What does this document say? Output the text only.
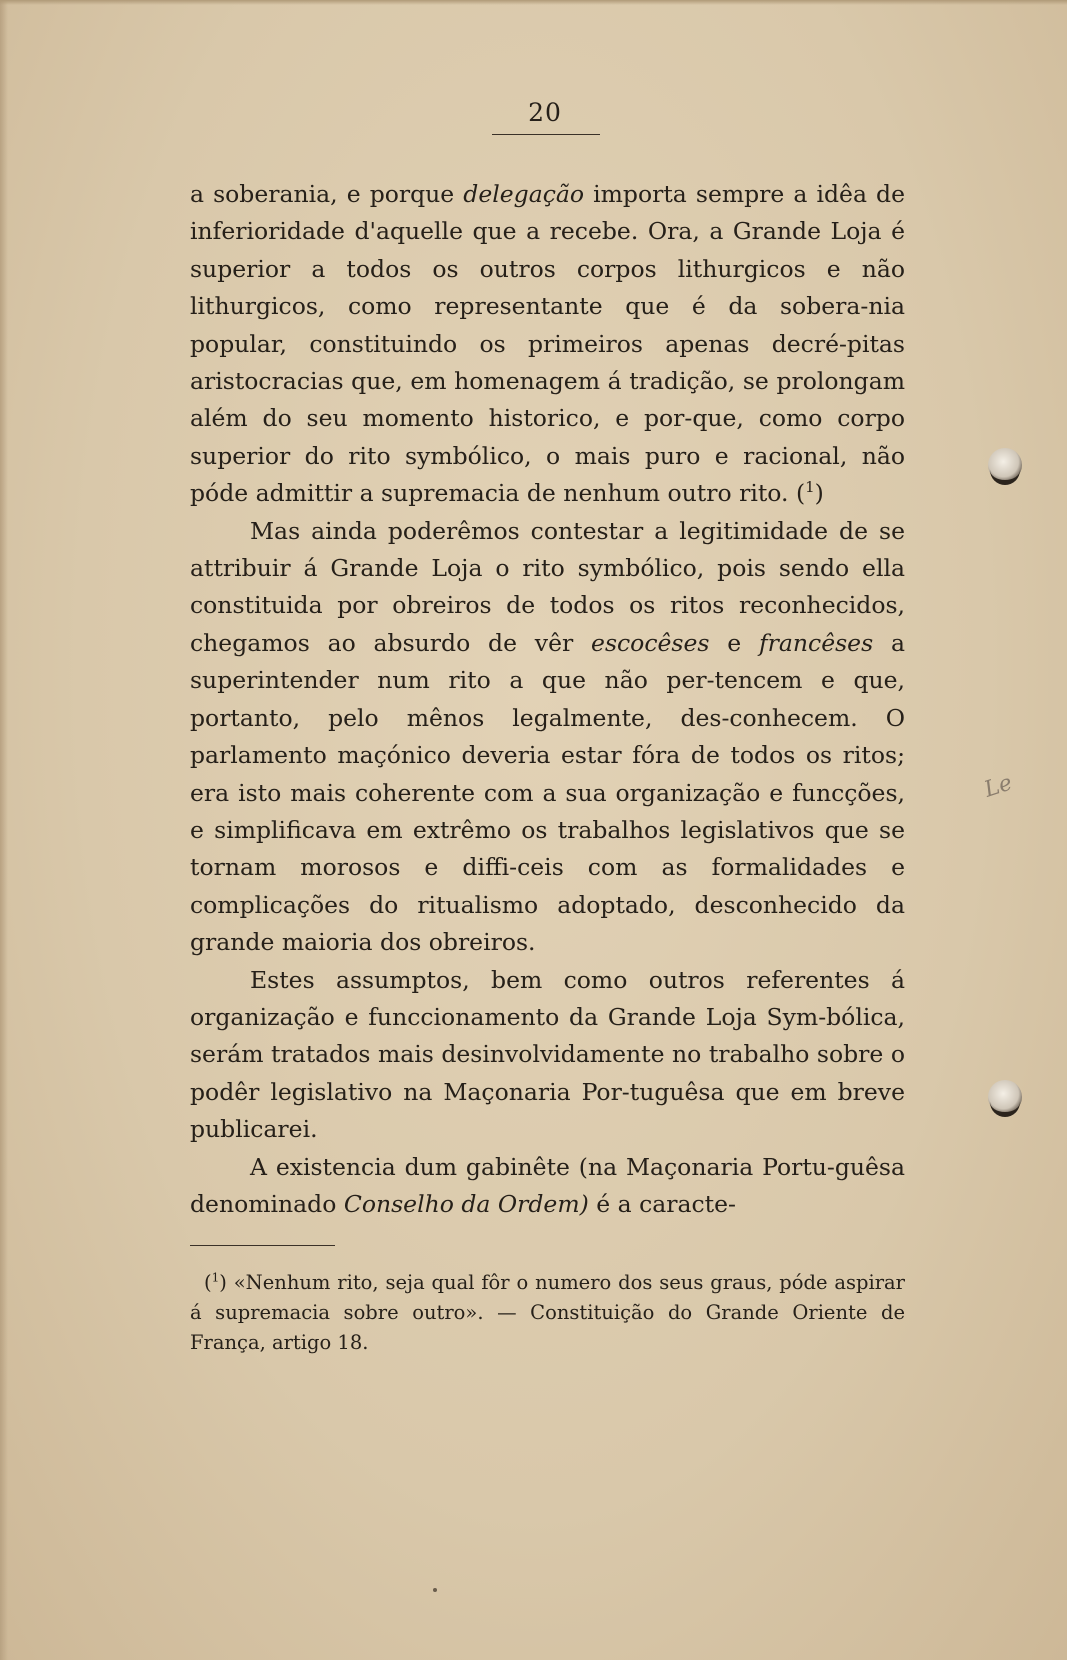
20

a soberania, e porque delegação importa sempre a idêa de inferioridade d'aquelle que a recebe. Ora, a Grande Loja é superior a todos os outros corpos lithurgicos e não lithurgicos, como representante que é da sobera-nia popular, constituindo os primeiros apenas decré-pitas aristocracias que, em homenagem á tradição, se prolongam além do seu momento historico, e por-que, como corpo superior do rito symbólico, o mais puro e racional, não póde admittir a supremacia de nenhum outro rito. ($^1$)

Mas ainda poderêmos contestar a legitimidade de se attribuir á Grande Loja o rito symbólico, pois sendo ella constituida por obreiros de todos os ritos reconhecidos, chegamos ao absurdo de vêr escocêses e francêses a superintender num rito a que não per-tencem e que, portanto, pelo mênos legalmente, des-conhecem. O parlamento maçónico deveria estar fóra de todos os ritos; era isto mais coherente com a sua organização e funcções, e simplificava em extrêmo os trabalhos legislativos que se tornam morosos e diffi-ceis com as formalidades e complicações do ritualismo adoptado, desconhecido da grande maioria dos obreiros.

Estes assumptos, bem como outros referentes á organização e funccionamento da Grande Loja Sym-bólica, serám tratados mais desinvolvidamente no trabalho sobre o podêr legislativo na Maçonaria Por-tuguêsa que em breve publicarei.

A existencia dum gabinête (na Maçonaria Portu-guêsa denominado Conselho da Ordem) é a caracte-

($^1$) «Nenhum rito, seja qual fôr o numero dos seus graus, póde aspirar á supremacia sobre outro». — Constituição do Grande Oriente de França, artigo 18.

Le
